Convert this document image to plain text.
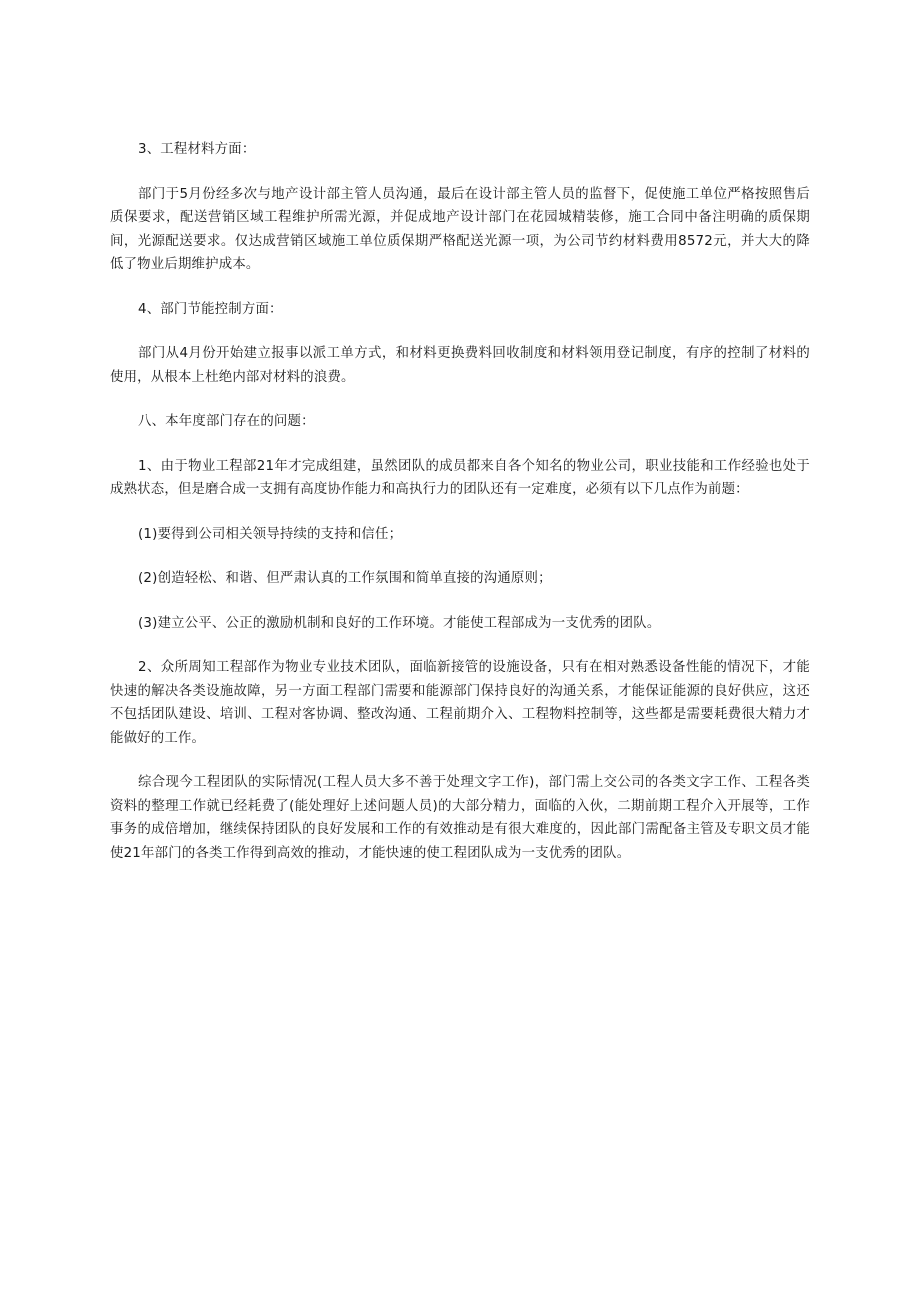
3、工程材料方面：

部门于5月份经多次与地产设计部主管人员沟通，最后在设计部主管人员的监督下，促使施工单位严格按照售后质保要求，配送营销区域工程维护所需光源，并促成地产设计部门在花园城精装修，施工合同中备注明确的质保期间，光源配送要求。仅达成营销区域施工单位质保期严格配送光源一项，为公司节约材料费用8572元，并大大的降低了物业后期维护成本。

4、部门节能控制方面：

部门从4月份开始建立报事以派工单方式，和材料更换费料回收制度和材料领用登记制度，有序的控制了材料的使用，从根本上杜绝内部对材料的浪费。

八、本年度部门存在的问题：

1、由于物业工程部21年才完成组建，虽然团队的成员都来自各个知名的物业公司，职业技能和工作经验也处于成熟状态，但是磨合成一支拥有高度协作能力和高执行力的团队还有一定难度，必须有以下几点作为前题：

(1)要得到公司相关领导持续的支持和信任；

(2)创造轻松、和谐、但严肃认真的工作氛围和简单直接的沟通原则；

(3)建立公平、公正的激励机制和良好的工作环境。才能使工程部成为一支优秀的团队。

2、众所周知工程部作为物业专业技术团队，面临新接管的设施设备，只有在相对熟悉设备性能的情况下，才能快速的解决各类设施故障，另一方面工程部门需要和能源部门保持良好的沟通关系，才能保证能源的良好供应，这还不包括团队建设、培训、工程对客协调、整改沟通、工程前期介入、工程物料控制等，这些都是需要耗费很大精力才能做好的工作。

综合现今工程团队的实际情况(工程人员大多不善于处理文字工作)，部门需上交公司的各类文字工作、工程各类资料的整理工作就已经耗费了(能处理好上述问题人员)的大部分精力，面临的入伙，二期前期工程介入开展等，工作事务的成倍增加，继续保持团队的良好发展和工作的有效推动是有很大难度的，因此部门需配备主管及专职文员才能使21年部门的各类工作得到高效的推动，才能快速的使工程团队成为一支优秀的团队。
